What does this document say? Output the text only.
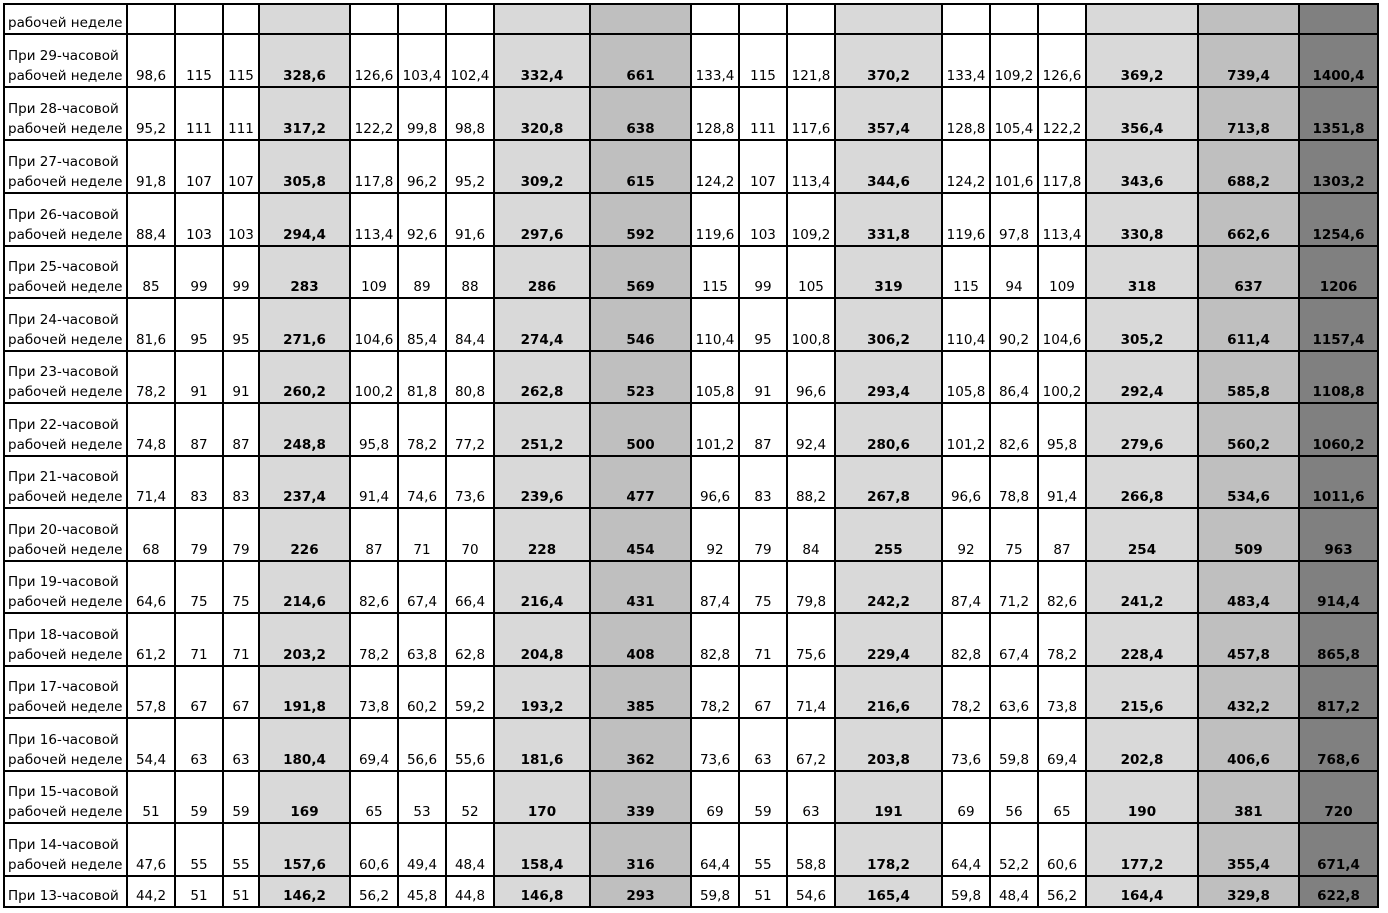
рабочей неделе																			
При 29-часовой рабочей неделе	98,6	115	115	328,6	126,6	103,4	102,4	332,4	661	133,4	115	121,8	370,2	133,4	109,2	126,6	369,2	739,4	1400,4
При 28-часовой рабочей неделе	95,2	111	111	317,2	122,2	99,8	98,8	320,8	638	128,8	111	117,6	357,4	128,8	105,4	122,2	356,4	713,8	1351,8
При 27-часовой рабочей неделе	91,8	107	107	305,8	117,8	96,2	95,2	309,2	615	124,2	107	113,4	344,6	124,2	101,6	117,8	343,6	688,2	1303,2
При 26-часовой рабочей неделе	88,4	103	103	294,4	113,4	92,6	91,6	297,6	592	119,6	103	109,2	331,8	119,6	97,8	113,4	330,8	662,6	1254,6
При 25-часовой рабочей неделе	85	99	99	283	109	89	88	286	569	115	99	105	319	115	94	109	318	637	1206
При 24-часовой рабочей неделе	81,6	95	95	271,6	104,6	85,4	84,4	274,4	546	110,4	95	100,8	306,2	110,4	90,2	104,6	305,2	611,4	1157,4
При 23-часовой рабочей неделе	78,2	91	91	260,2	100,2	81,8	80,8	262,8	523	105,8	91	96,6	293,4	105,8	86,4	100,2	292,4	585,8	1108,8
При 22-часовой рабочей неделе	74,8	87	87	248,8	95,8	78,2	77,2	251,2	500	101,2	87	92,4	280,6	101,2	82,6	95,8	279,6	560,2	1060,2
При 21-часовой рабочей неделе	71,4	83	83	237,4	91,4	74,6	73,6	239,6	477	96,6	83	88,2	267,8	96,6	78,8	91,4	266,8	534,6	1011,6
При 20-часовой рабочей неделе	68	79	79	226	87	71	70	228	454	92	79	84	255	92	75	87	254	509	963
При 19-часовой рабочей неделе	64,6	75	75	214,6	82,6	67,4	66,4	216,4	431	87,4	75	79,8	242,2	87,4	71,2	82,6	241,2	483,4	914,4
При 18-часовой рабочей неделе	61,2	71	71	203,2	78,2	63,8	62,8	204,8	408	82,8	71	75,6	229,4	82,8	67,4	78,2	228,4	457,8	865,8
При 17-часовой рабочей неделе	57,8	67	67	191,8	73,8	60,2	59,2	193,2	385	78,2	67	71,4	216,6	78,2	63,6	73,8	215,6	432,2	817,2
При 16-часовой рабочей неделе	54,4	63	63	180,4	69,4	56,6	55,6	181,6	362	73,6	63	67,2	203,8	73,6	59,8	69,4	202,8	406,6	768,6
При 15-часовой рабочей неделе	51	59	59	169	65	53	52	170	339	69	59	63	191	69	56	65	190	381	720
При 14-часовой рабочей неделе	47,6	55	55	157,6	60,6	49,4	48,4	158,4	316	64,4	55	58,8	178,2	64,4	52,2	60,6	177,2	355,4	671,4
При 13-часовой	44,2	51	51	146,2	56,2	45,8	44,8	146,8	293	59,8	51	54,6	165,4	59,8	48,4	56,2	164,4	329,8	622,8
